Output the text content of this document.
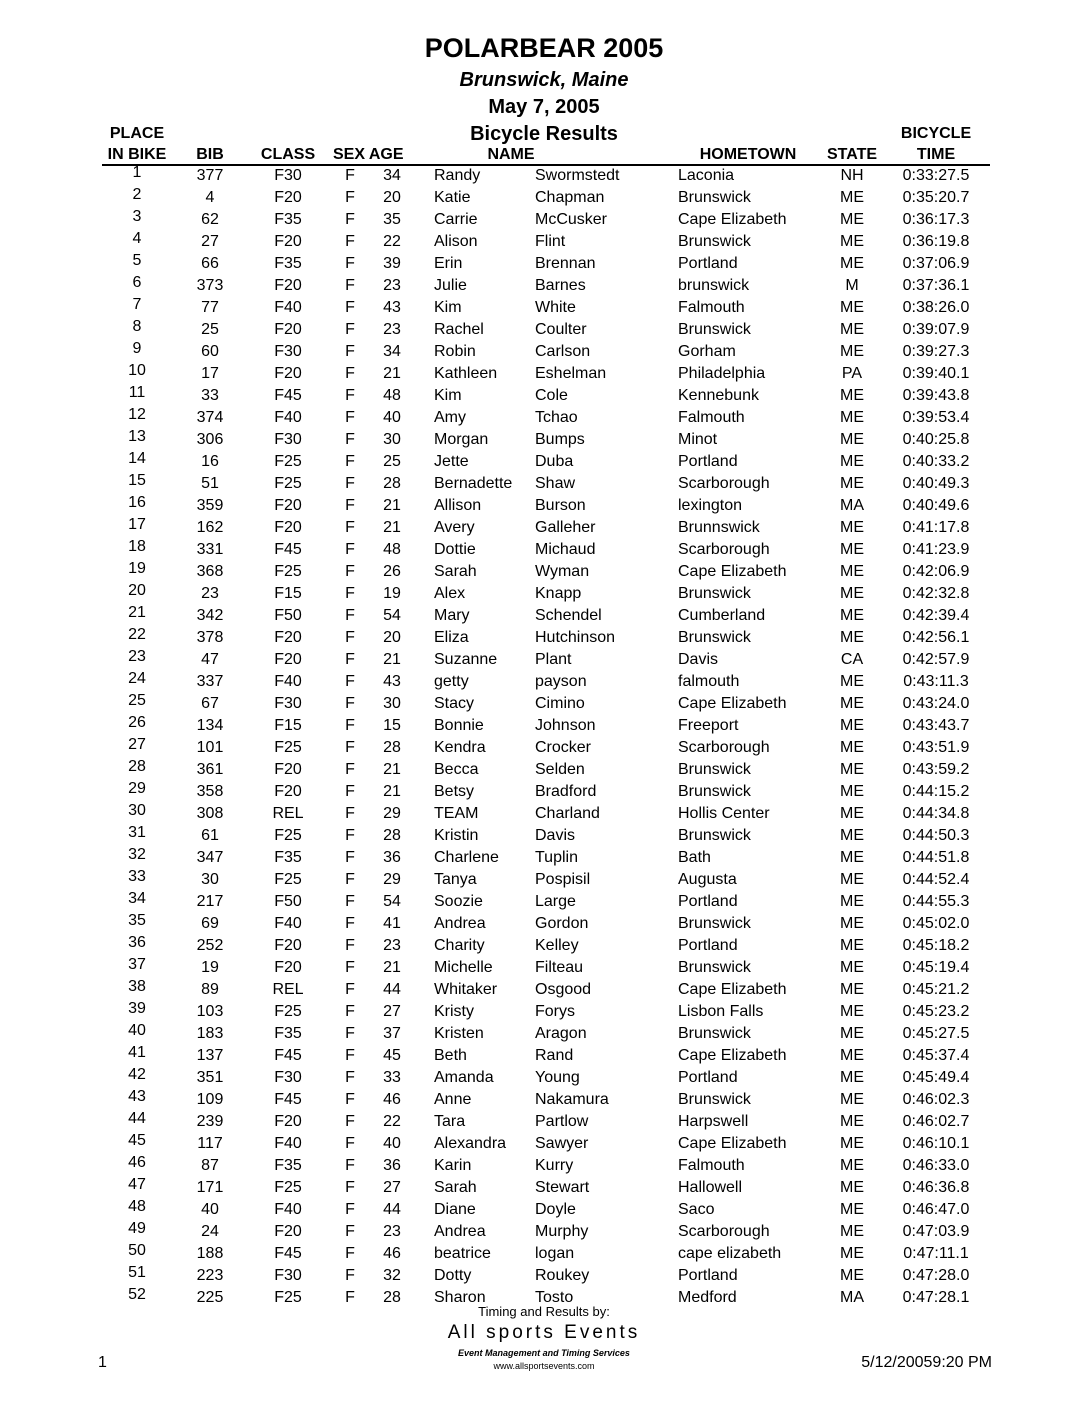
POLARBEAR 2005
Brunswick, Maine
May 7, 2005
Bicycle Results
PLACE
IN BIKE BIB CLASS SEX AGE	NAME	HOMETOWN STATE
BICYCLE
TIME
1	377	F30	F 34 Randy	Swormstedt	Laconia	NH 0:33:27.5
2	4	F20	F 20 Katie	Chapman	Brunswick	ME 0:35:20.7
3	62	F35	F 35 Carrie	McCusker	Cape Elizabeth	ME 0:36:17.3
4	27	F20	F 22 Alison	Flint	Brunswick	ME 0:36:19.8
5	66	F35	F 39 Erin	Brennan	Portland	ME 0:37:06.9
6	373	F20	F 23 Julie	Barnes	brunswick	M	0:37:36.1
7	77	F40	F 43 Kim	White	Falmouth	ME 0:38:26.0
8	25	F20	F 23 Rachel	Coulter	Brunswick	ME 0:39:07.9
9	60	F30	F 34 Robin	Carlson	Gorham	ME 0:39:27.3
10	17	F20	F 21 Kathleen Eshelman	Philadelphia	PA	0:39:40.1
11	33	F45	F 48 Kim	Cole	Kennebunk	ME 0:39:43.8
12	374	F40	F 40 Amy	Tchao	Falmouth	ME 0:39:53.4
13	306	F30	F 30 Morgan	Bumps	Minot	ME 0:40:25.8
14	16	F25	F 25 Jette	Duba	Portland	ME 0:40:33.2
15	51	F25	F 28 Bernadette Shaw	Scarborough	ME 0:40:49.3
16	359	F20	F 21 Allison	Burson	lexington	MA 0:40:49.6
17	162	F20	F 21 Avery	Galleher	Brunnswick	ME 0:41:17.8
18	331	F45	F 48 Dottie	Michaud	Scarborough	ME 0:41:23.9
19	368	F25	F 26 Sarah	Wyman	Cape Elizabeth	ME 0:42:06.9
20	23	F15	F 19 Alex	Knapp	Brunswick	ME 0:42:32.8
21	342	F50	F 54 Mary	Schendel	Cumberland	ME 0:42:39.4
22	378	F20	F 20 Eliza	Hutchinson	Brunswick	ME 0:42:56.1
23	47	F20	F 21 Suzanne Plant	Davis	CA 0:42:57.9
24	337	F40	F 43 getty	payson	falmouth	ME 0:43:11.3
25	67	F30	F 30 Stacy	Cimino	Cape Elizabeth	ME 0:43:24.0
26	134	F15	F 15 Bonnie	Johnson	Freeport	ME 0:43:43.7
27	101	F25	F 28 Kendra	Crocker	Scarborough	ME 0:43:51.9
28	361	F20	F 21 Becca	Selden	Brunswick	ME 0:43:59.2
29	358	F20	F 21 Betsy	Bradford	Brunswick	ME 0:44:15.2
30	308	REL	F 29 TEAM	Charland	Hollis Center	ME 0:44:34.8
31	61	F25	F 28 Kristin	Davis	Brunswick	ME 0:44:50.3
32	347	F35	F 36 Charlene Tuplin	Bath	ME 0:44:51.8
33	30	F25	F 29 Tanya	Pospisil	Augusta	ME 0:44:52.4
34	217	F50	F 54 Soozie	Large	Portland	ME 0:44:55.3
35	69	F40	F 41 Andrea	Gordon	Brunswick	ME 0:45:02.0
36	252	F20	F 23 Charity	Kelley	Portland	ME 0:45:18.2
37	19	F20	F 21 Michelle	Filteau	Brunswick	ME 0:45:19.4
38	89	REL	F 44 Whitaker Osgood	Cape Elizabeth	ME 0:45:21.2
39	103	F25	F 27 Kristy	Forys	Lisbon Falls	ME 0:45:23.2
40	183	F35	F 37 Kristen	Aragon	Brunswick	ME 0:45:27.5
41	137	F45	F 45 Beth	Rand	Cape Elizabeth	ME 0:45:37.4
42	351	F30	F 33 Amanda	Young	Portland	ME 0:45:49.4
43	109	F45	F 46 Anne	Nakamura	Brunswick	ME 0:46:02.3
44	239	F20	F 22 Tara	Partlow	Harpswell	ME 0:46:02.7
45	117	F40	F 40 Alexandra Sawyer	Cape Elizabeth	ME 0:46:10.1
46	87	F35	F 36 Karin	Kurry	Falmouth	ME 0:46:33.0
47	171	F25	F 27 Sarah	Stewart	Hallowell	ME 0:46:36.8
48	40	F40	F 44 Diane	Doyle	Saco	ME 0:46:47.0
49	24	F20	F 23 Andrea	Murphy	Scarborough	ME 0:47:03.9
50	188	F45	F 46 beatrice	logan	cape elizabeth	ME 0:47:11.1
51	223	F30	F 32 Dotty	Roukey	Portland	ME 0:47:28.0
52	225	F25	F 28 Sharon	Tosto	Medford	MA 0:47:28.1
Timing and Results by:
All sports Events
Event Management and Timing Services
www.allsportsevents.com
1	5/12/20059:20 PM
